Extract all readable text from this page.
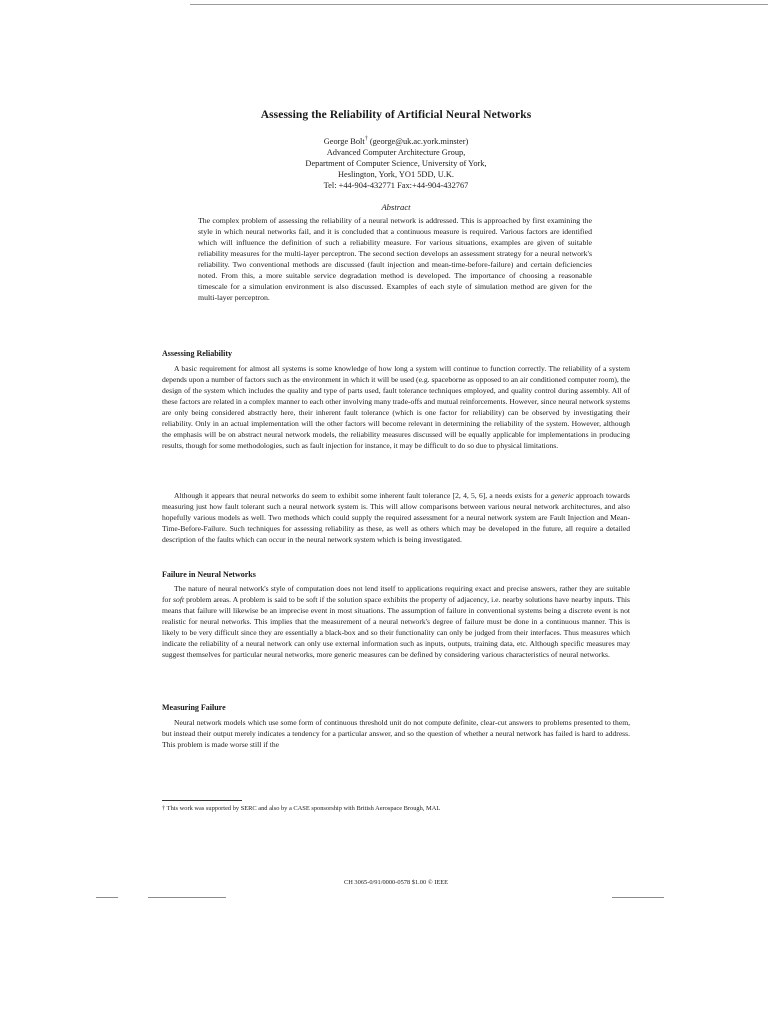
Assessing the Reliability of Artificial Neural Networks
George Bolt† (george@uk.ac.york.minster)
Advanced Computer Architecture Group,
Department of Computer Science, University of York,
Heslington, York, YO1 5DD, U.K.
Tel: +44-904-432771 Fax:+44-904-432767
Abstract
The complex problem of assessing the reliability of a neural network is addressed. This is approached by first examining the style in which neural networks fail, and it is concluded that a continuous measure is required. Various factors are identified which will influence the definition of such a reliability measure. For various situations, examples are given of suitable reliability measures for the multi-layer perceptron. The second section develops an assessment strategy for a neural network's reliability. Two conventional methods are discussed (fault injection and mean-time-before-failure) and certain deficiencies noted. From this, a more suitable service degradation method is developed. The importance of choosing a reasonable timescale for a simulation environment is also discussed. Examples of each style of simulation method are given for the multi-layer perceptron.
Assessing Reliability
A basic requirement for almost all systems is some knowledge of how long a system will continue to function correctly. The reliability of a system depends upon a number of factors such as the environment in which it will be used (e.g. spaceborne as opposed to an air conditioned computer room), the design of the system which includes the quality and type of parts used, fault tolerance techniques employed, and quality control during assembly. All of these factors are related in a complex manner to each other involving many trade-offs and mutual reinforcements. However, since neural network systems are only being considered abstractly here, their inherent fault tolerance (which is one factor for reliability) can be observed by investigating their reliability. Only in an actual implementation will the other factors will become relevant in determining the reliability of the system. However, although the emphasis will be on abstract neural network models, the reliability measures discussed will be equally applicable for implementations in producing results, though for some methodologies, such as fault injection for instance, it may be difficult to do so due to physical limitations.
Although it appears that neural networks do seem to exhibit some inherent fault tolerance [2, 4, 5, 6], a needs exists for a generic approach towards measuring just how fault tolerant such a neural network system is. This will allow comparisons between various neural network architectures, and also hopefully various models as well. Two methods which could supply the required assessment for a neural network system are Fault Injection and Mean-Time-Before-Failure. Such techniques for assessing reliability as these, as well as others which may be developed in the future, all require a detailed description of the faults which can occur in the neural network system which is being investigated.
Failure in Neural Networks
The nature of neural network's style of computation does not lend itself to applications requiring exact and precise answers, rather they are suitable for soft problem areas. A problem is said to be soft if the solution space exhibits the property of adjacency, i.e. nearby solutions have nearby inputs. This means that failure will likewise be an imprecise event in most situations. The assumption of failure in conventional systems being a discrete event is not realistic for neural networks. This implies that the measurement of a neural network's degree of failure must be done in a continuous manner. This is likely to be very difficult since they are essentially a black-box and so their functionality can only be judged from their interfaces. Thus measures which indicate the reliability of a neural network can only use external information such as inputs, outputs, training data, etc. Although specific measures may suggest themselves for particular neural networks, more generic measures can be defined by considering various characteristics of neural networks.
Measuring Failure
Neural network models which use some form of continuous threshold unit do not compute definite, clear-cut answers to problems presented to them, but instead their output merely indicates a tendency for a particular answer, and so the question of whether a neural network has failed is hard to address. This problem is made worse still if the
† This work was supported by SERC and also by a CASE sponsorship with British Aerospace Brough, MAL
CH 3065-0/91/0000-0578 $1.00 © IEEE
